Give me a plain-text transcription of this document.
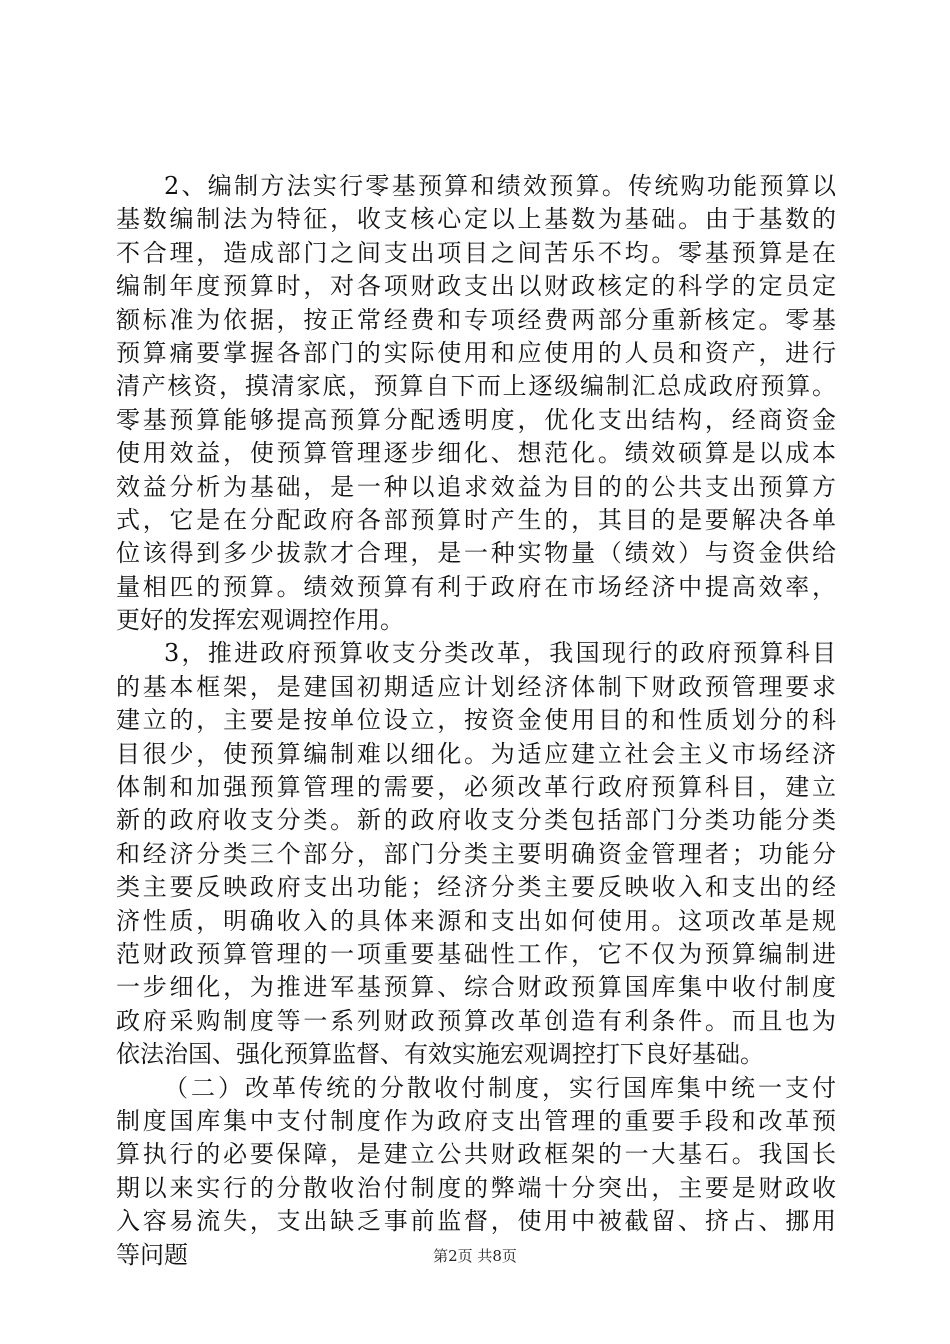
2、编制方法实行零基预算和绩效预算。传统购功能预算以
基数编制法为特征，收支核心定以上基数为基础。由于基数的
不合理，造成部门之间支出项目之间苦乐不均。零基预算是在
编制年度预算时，对各项财政支出以财政核定的科学的定员定
额标准为依据，按正常经费和专项经费两部分重新核定。零基
预算痛要掌握各部门的实际使用和应使用的人员和资产，进行
清产核资，摸清家底，预算自下而上逐级编制汇总成政府预算。
零基预算能够提高预算分配透明度，优化支出结构，经商资金
使用效益，使预算管理逐步细化、想范化。绩效硕算是以成本
效益分析为基础，是一种以追求效益为目的的公共支出预算方
式，它是在分配政府各部预算时产生的，其目的是要解决各单
位该得到多少拔款才合理，是一种实物量（绩效）与资金供给
量相匹的预算。绩效预算有利于政府在市场经济中提高效率，
更好的发挥宏观调控作用。
3，推进政府预算收支分类改革，我国现行的政府预算科目
的基本框架，是建国初期适应计划经济体制下财政预管理要求
建立的，主要是按单位设立，按资金使用目的和性质划分的科
目很少，使预算编制难以细化。为适应建立社会主义市场经济
体制和加强预算管理的需要，必须改革行政府预算科目，建立
新的政府收支分类。新的政府收支分类包括部门分类功能分类
和经济分类三个部分，部门分类主要明确资金管理者；功能分
类主要反映政府支出功能；经济分类主要反映收入和支出的经
济性质，明确收入的具体来源和支出如何使用。这项改革是规
范财政预算管理的一项重要基础性工作，它不仅为预算编制进
一步细化，为推进军基预算、综合财政预算国库集中收付制度
政府采购制度等一系列财政预算改革创造有利条件。而且也为
依法治国、强化预算监督、有效实施宏观调控打下良好基础。
（二）改革传统的分散收付制度，实行国库集中统一支付
制度国库集中支付制度作为政府支出管理的重要手段和改革预
算执行的必要保障，是建立公共财政框架的一大基石。我国长
期以来实行的分散收治付制度的弊端十分突出，主要是财政收
入容易流失，支出缺乏事前监督，使用中被截留、挤占、挪用
等问题	第2页 共8页
